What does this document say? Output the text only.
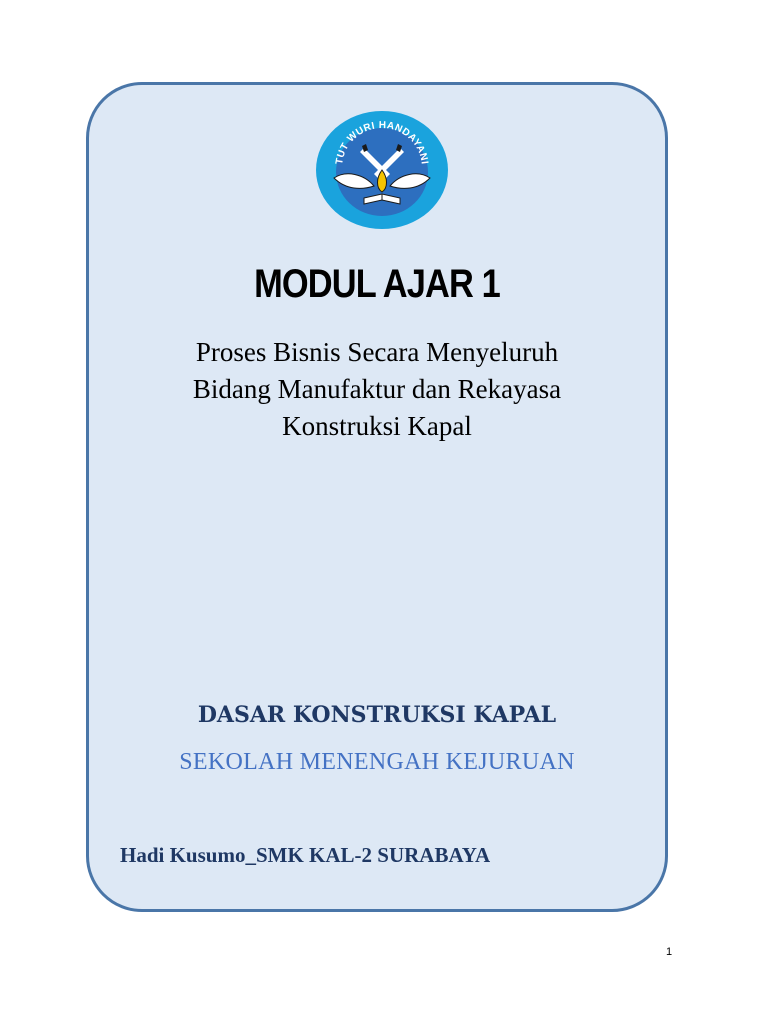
TUT WURI HANDAYANI
MODUL AJAR 1
Proses Bisnis Secara Menyeluruh
Bidang Manufaktur dan Rekayasa
Konstruksi Kapal
DASAR KONSTRUKSI KAPAL
SEKOLAH MENENGAH KEJURUAN
Hadi Kusumo_SMK KAL-2 SURABAYA
1
